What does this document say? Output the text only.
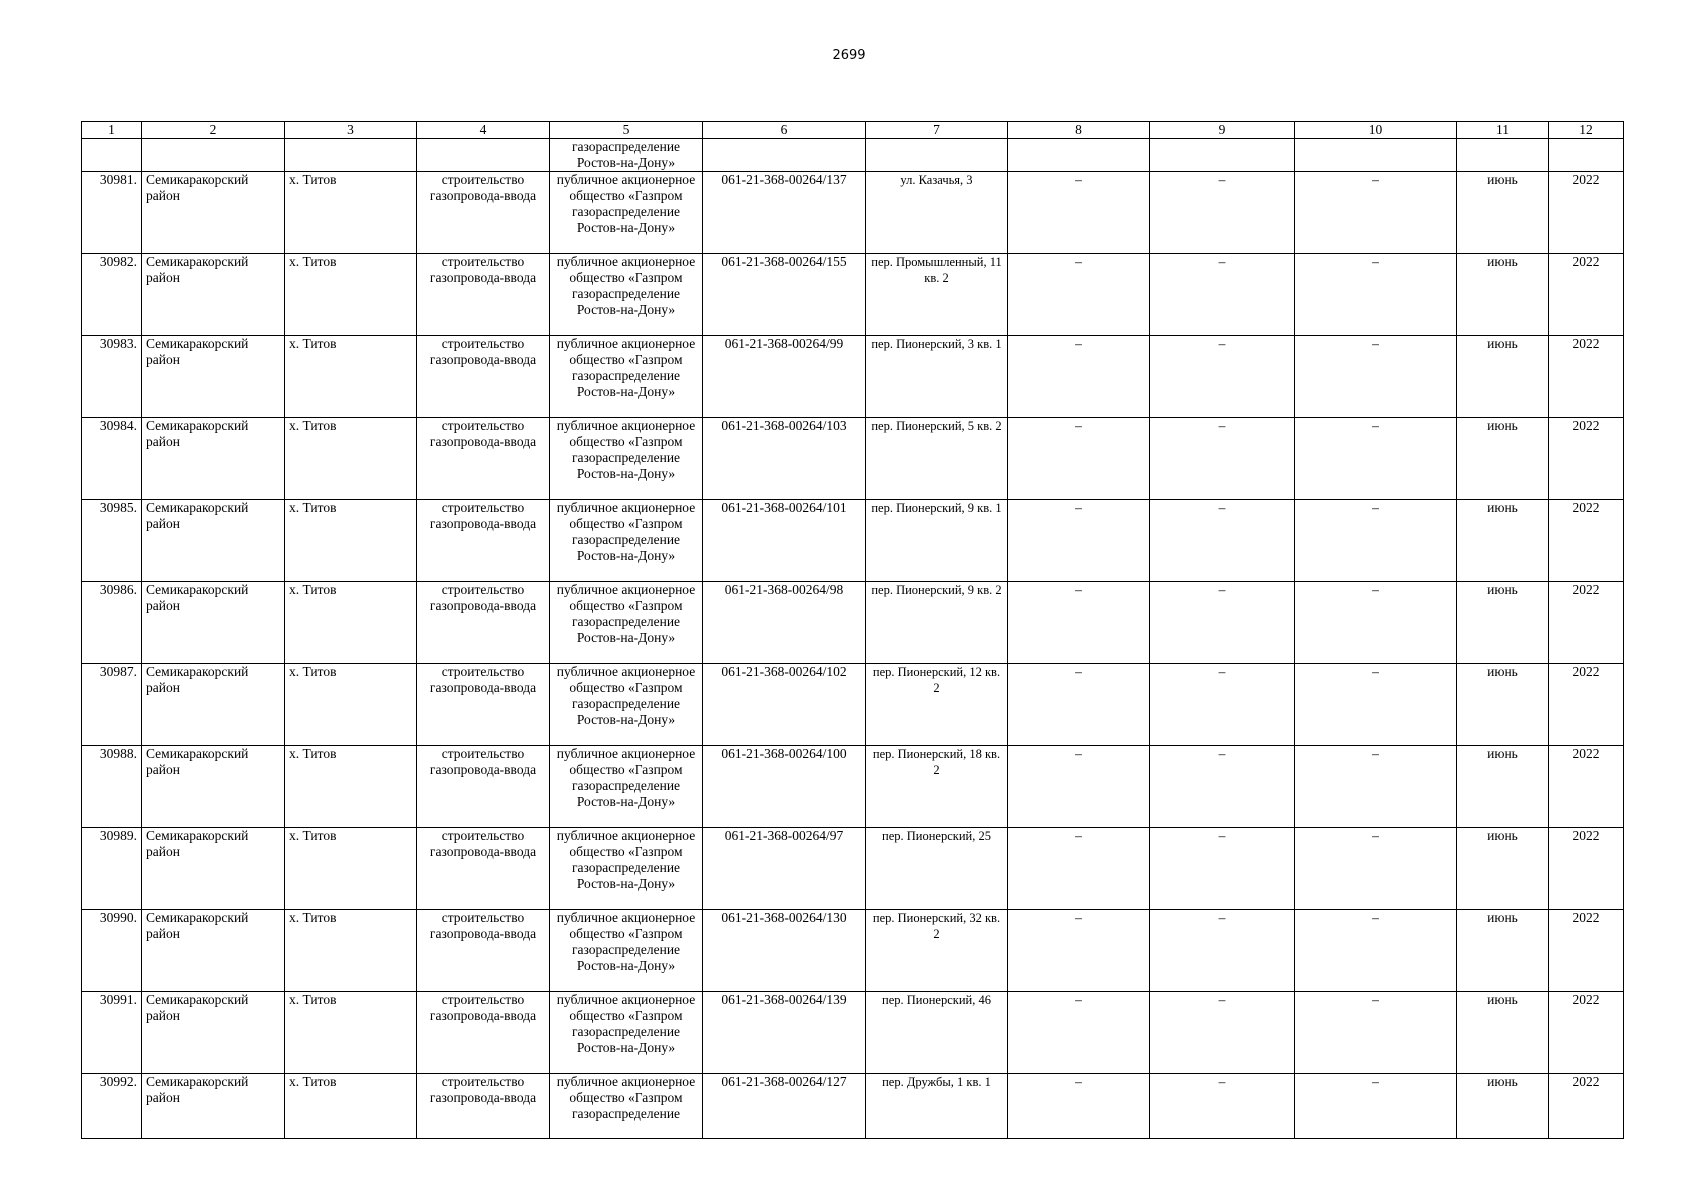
2699
1	2	3	4	5	6	7	8	9	10	11	12
				газораспределение Ростов-на-Дону»							
30981.	Семикаракорский район	х. Титов	строительство газопровода-ввода	публичное акционерное общество «Газпром газораспределение Ростов-на-Дону»	061-21-368-00264/137	ул. Казачья, 3	–	–	–	июнь	2022
30982.	Семикаракорский район	х. Титов	строительство газопровода-ввода	публичное акционерное общество «Газпром газораспределение Ростов-на-Дону»	061-21-368-00264/155	пер. Промышленный, 11 кв. 2	–	–	–	июнь	2022
30983.	Семикаракорский район	х. Титов	строительство газопровода-ввода	публичное акционерное общество «Газпром газораспределение Ростов-на-Дону»	061-21-368-00264/99	пер. Пионерский, 3 кв. 1	–	–	–	июнь	2022
30984.	Семикаракорский район	х. Титов	строительство газопровода-ввода	публичное акционерное общество «Газпром газораспределение Ростов-на-Дону»	061-21-368-00264/103	пер. Пионерский, 5 кв. 2	–	–	–	июнь	2022
30985.	Семикаракорский район	х. Титов	строительство газопровода-ввода	публичное акционерное общество «Газпром газораспределение Ростов-на-Дону»	061-21-368-00264/101	пер. Пионерский, 9 кв. 1	–	–	–	июнь	2022
30986.	Семикаракорский район	х. Титов	строительство газопровода-ввода	публичное акционерное общество «Газпром газораспределение Ростов-на-Дону»	061-21-368-00264/98	пер. Пионерский, 9 кв. 2	–	–	–	июнь	2022
30987.	Семикаракорский район	х. Титов	строительство газопровода-ввода	публичное акционерное общество «Газпром газораспределение Ростов-на-Дону»	061-21-368-00264/102	пер. Пионерский, 12 кв. 2	–	–	–	июнь	2022
30988.	Семикаракорский район	х. Титов	строительство газопровода-ввода	публичное акционерное общество «Газпром газораспределение Ростов-на-Дону»	061-21-368-00264/100	пер. Пионерский, 18 кв. 2	–	–	–	июнь	2022
30989.	Семикаракорский район	х. Титов	строительство газопровода-ввода	публичное акционерное общество «Газпром газораспределение Ростов-на-Дону»	061-21-368-00264/97	пер. Пионерский, 25	–	–	–	июнь	2022
30990.	Семикаракорский район	х. Титов	строительство газопровода-ввода	публичное акционерное общество «Газпром газораспределение Ростов-на-Дону»	061-21-368-00264/130	пер. Пионерский, 32 кв. 2	–	–	–	июнь	2022
30991.	Семикаракорский район	х. Титов	строительство газопровода-ввода	публичное акционерное общество «Газпром газораспределение Ростов-на-Дону»	061-21-368-00264/139	пер. Пионерский, 46	–	–	–	июнь	2022
30992.	Семикаракорский район	х. Титов	строительство газопровода-ввода	публичное акционерное общество «Газпром газораспределение	061-21-368-00264/127	пер. Дружбы, 1 кв. 1	–	–	–	июнь	2022
